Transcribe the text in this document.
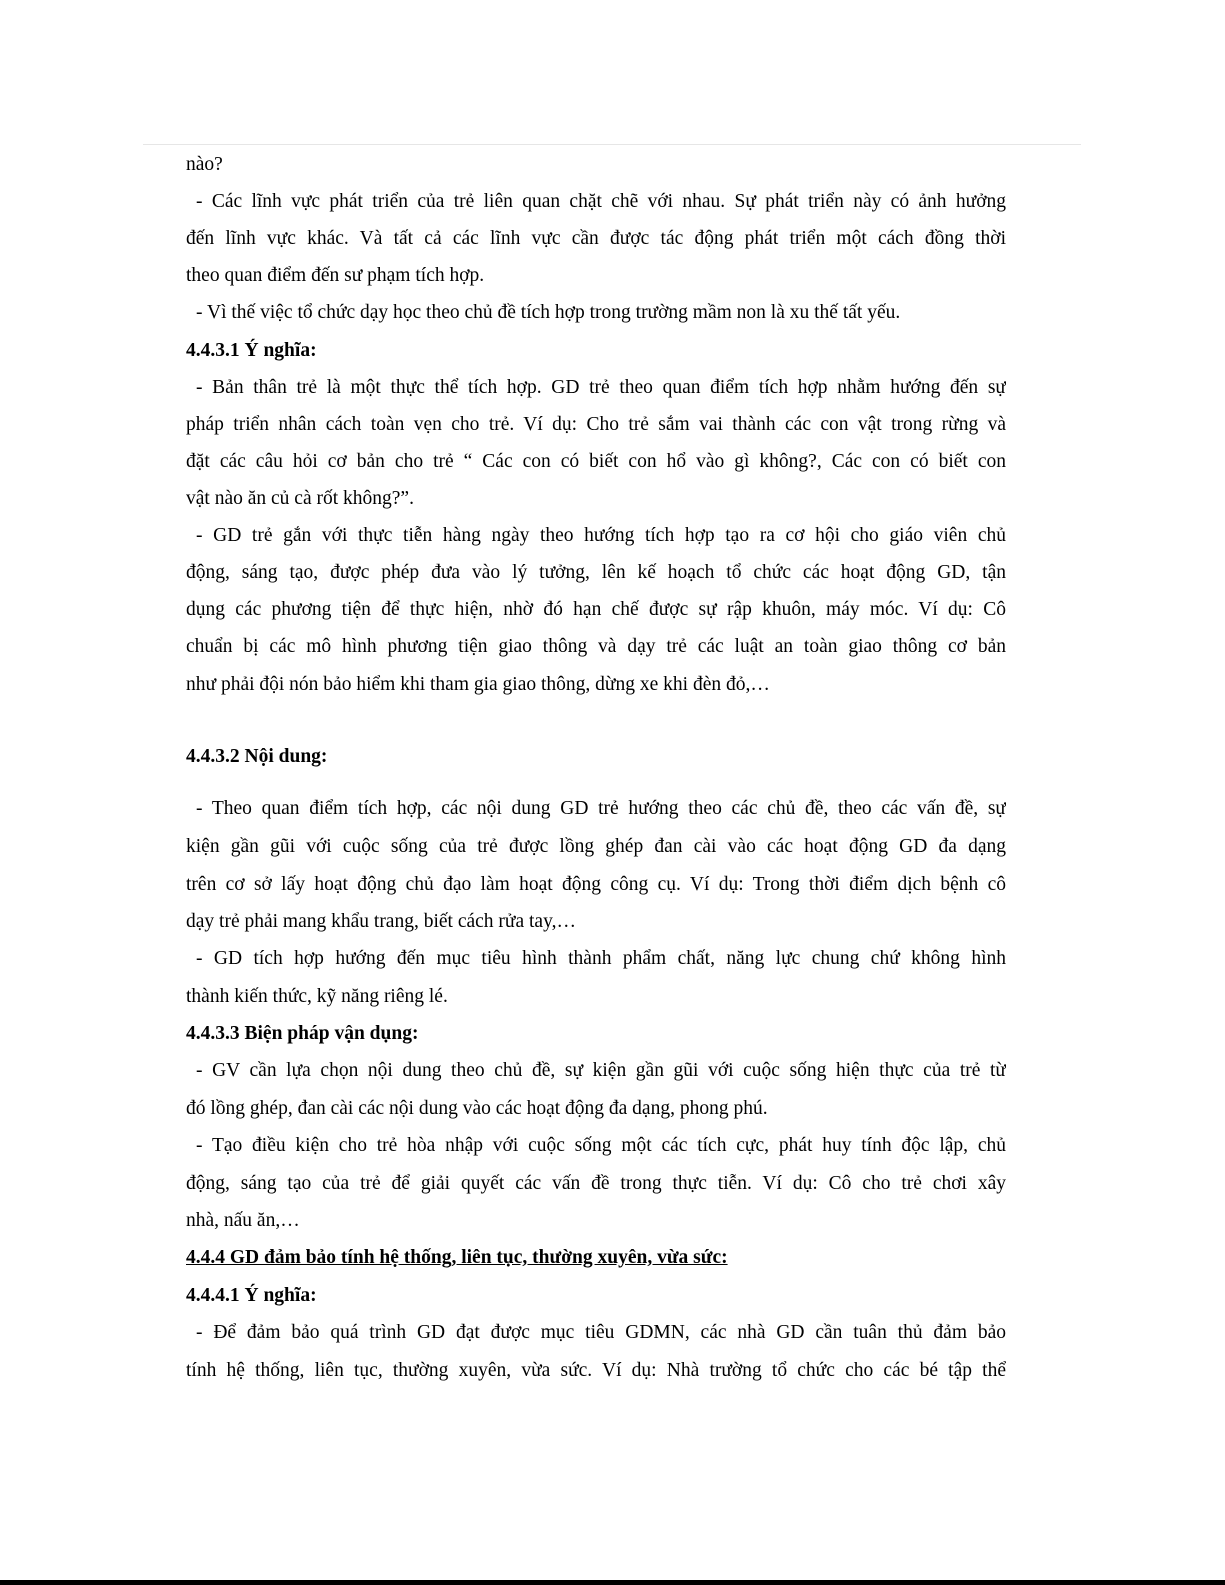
nào?

- Các lĩnh vực phát triển của trẻ liên quan chặt chẽ với nhau. Sự phát triển này có ảnh hưởng

đến lĩnh vực khác. Và tất cả các lĩnh vực cần được tác động phát triển một cách đồng thời

theo quan điểm đến sư phạm tích hợp.

- Vì thế việc tổ chức dạy học theo chủ đề tích hợp trong trường mầm non là xu thế tất yếu.

4.4.3.1 Ý nghĩa:

- Bản thân trẻ là một thực thể tích hợp. GD trẻ theo quan điểm tích hợp nhằm hướng đến sự

pháp triển nhân cách toàn vẹn cho trẻ. Ví dụ: Cho trẻ sắm vai thành các con vật trong rừng và

đặt các câu hỏi cơ bản cho trẻ “ Các con có biết con hổ vào gì không?, Các con có biết con

vật nào ăn củ cà rốt không?”.

- GD trẻ gắn với thực tiễn hàng ngày theo hướng tích hợp tạo ra cơ hội cho giáo viên chủ

động, sáng tạo, được phép đưa vào lý tưởng, lên kế hoạch tổ chức các hoạt động GD, tận

dụng các phương tiện để thực hiện, nhờ đó hạn chế được sự rập khuôn, máy móc. Ví dụ: Cô

chuẩn bị các mô hình phương tiện giao thông và dạy trẻ các luật an toàn giao thông cơ bản

như phải đội nón bảo hiểm khi tham gia giao thông, dừng xe khi đèn đỏ,…

4.4.3.2 Nội dung:

- Theo quan điểm tích hợp, các nội dung GD trẻ hướng theo các chủ đề, theo các vấn đề, sự

kiện gần gũi với cuộc sống của trẻ được lồng ghép đan cài vào các hoạt động GD đa dạng

trên cơ sở lấy hoạt động chủ đạo làm hoạt động công cụ. Ví dụ: Trong thời điểm dịch bệnh cô

dạy trẻ phải mang khẩu trang, biết cách rửa tay,…

- GD tích hợp hướng đến mục tiêu hình thành phẩm chất, năng lực chung chứ không hình

thành kiến thức, kỹ năng riêng lé.

4.4.3.3 Biện pháp vận dụng:

- GV cần lựa chọn nội dung theo chủ đề, sự kiện gần gũi với cuộc sống hiện thực của trẻ từ

đó lồng ghép, đan cài các nội dung vào các hoạt động đa dạng, phong phú.

- Tạo điều kiện cho trẻ hòa nhập với cuộc sống một các tích cực, phát huy tính độc lập, chủ

động, sáng tạo của trẻ để giải quyết các vấn đề trong thực tiễn. Ví dụ: Cô cho trẻ chơi xây

nhà, nấu ăn,…

4.4.4 GD đảm bảo tính hệ thống, liên tục, thường xuyên, vừa sức:

4.4.4.1 Ý nghĩa:

- Để đảm bảo quá trình GD đạt được mục tiêu GDMN, các nhà GD cần tuân thủ đảm bảo

tính hệ thống, liên tục, thường xuyên, vừa sức. Ví dụ: Nhà trường tổ chức cho các bé tập thể
